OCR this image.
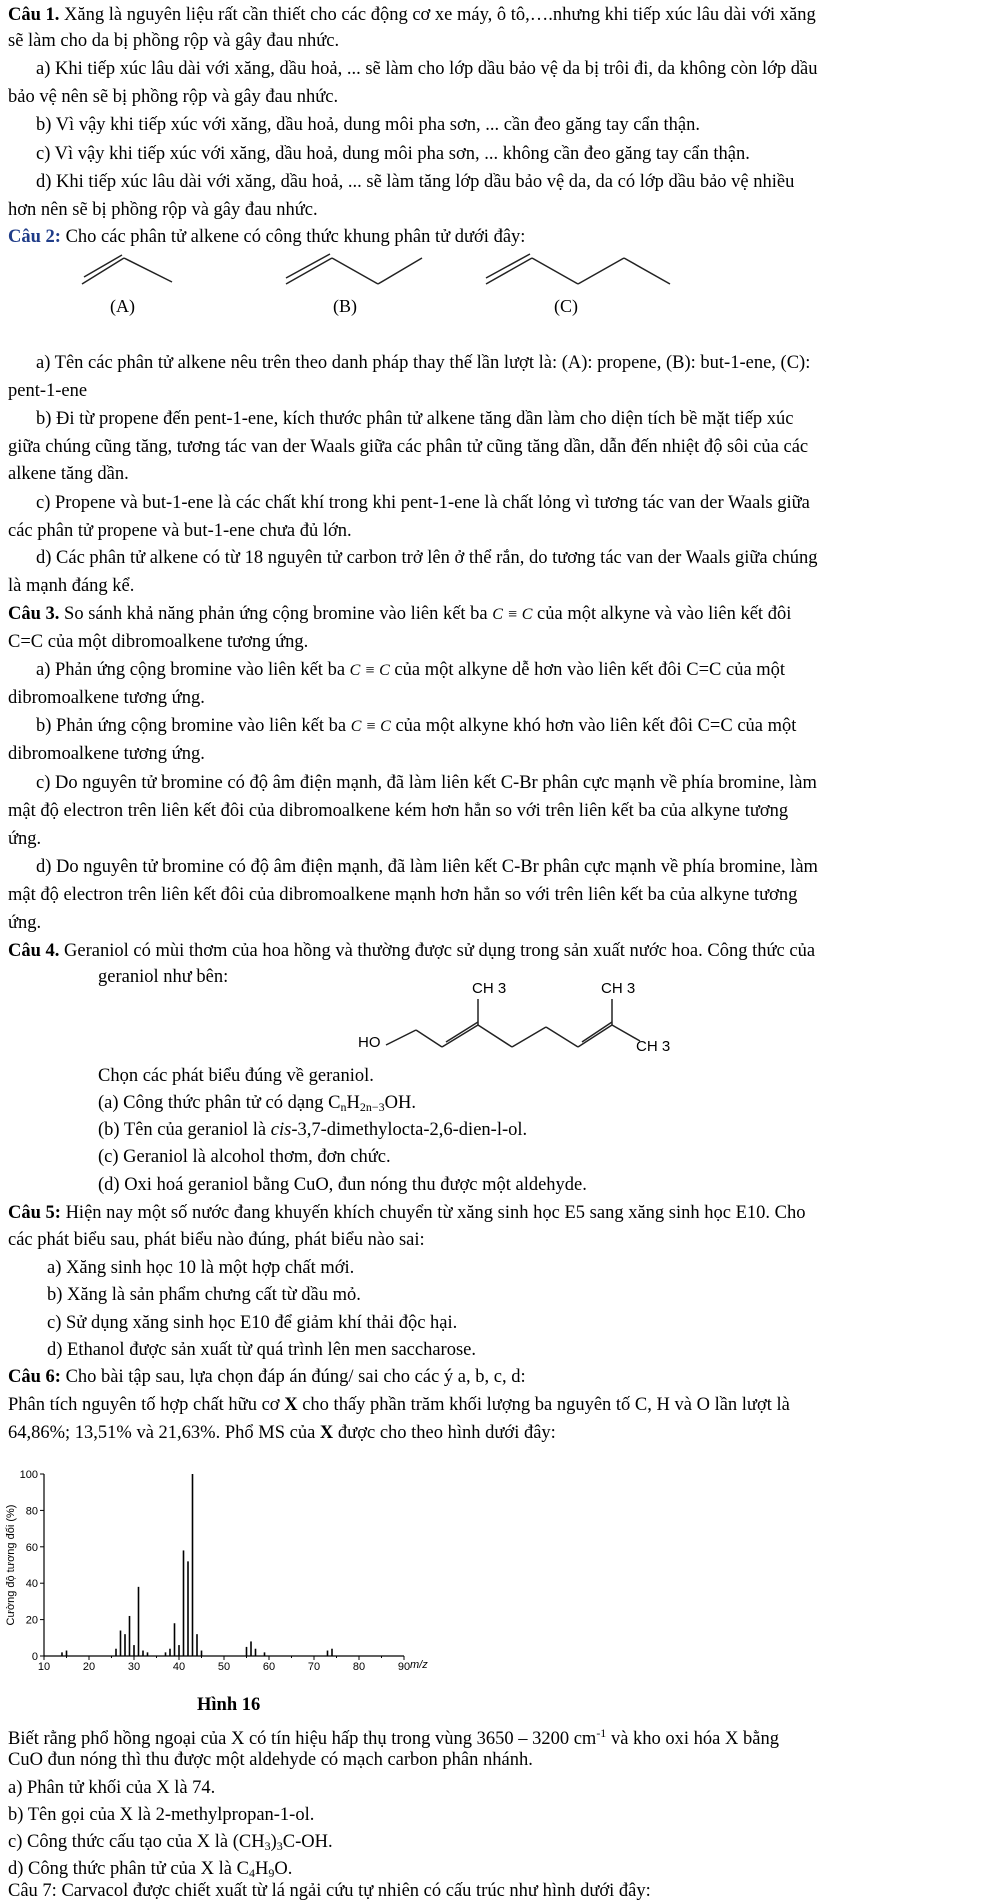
Câu 1. Xăng là nguyên liệu rất cần thiết cho các động cơ xe máy, ô tô,….nhưng khi tiếp xúc lâu dài với xăng
sẽ làm cho da bị phồng rộp và gây đau nhức.
a) Khi tiếp xúc lâu dài với xăng, dầu hoả, ... sẽ làm cho lớp dầu bảo vệ da bị trôi đi, da không còn lớp dầu
bảo vệ nên sẽ bị phồng rộp và gây đau nhức.
b) Vì vậy khi tiếp xúc với xăng, dầu hoả, dung môi pha sơn, ... cần đeo găng tay cẩn thận.
c) Vì vậy khi tiếp xúc với xăng, dầu hoả, dung môi pha sơn, ... không cần đeo găng tay cẩn thận.
d) Khi tiếp xúc lâu dài với xăng, dầu hoả, ... sẽ làm tăng lớp dầu bảo vệ da, da có lớp dầu bảo vệ nhiều
hơn nên sẽ bị phồng rộp và gây đau nhức.
Câu 2: Cho các phân tử alkene có công thức khung phân tử dưới đây:
(A)	(B)	(C)
a) Tên các phân tử alkene nêu trên theo danh pháp thay thế lần lượt là: (A): propene, (B): but-1-ene, (C):
pent-1-ene
b) Đi từ propene đến pent-1-ene, kích thước phân tử alkene tăng dần làm cho diện tích bề mặt tiếp xúc
giữa chúng cũng tăng, tương tác van der Waals giữa các phân tử cũng tăng dần, dẫn đến nhiệt độ sôi của các
alkene tăng dần.
c) Propene và but-1-ene là các chất khí trong khi pent-1-ene là chất lỏng vì tương tác van der Waals giữa
các phân tử propene và but-1-ene chưa đủ lớn.
d) Các phân tử alkene có từ 18 nguyên tử carbon trở lên ở thể rắn, do tương tác van der Waals giữa chúng
là mạnh đáng kể.
Câu 3. So sánh khả năng phản ứng cộng bromine vào liên kết ba C ≡ C của một alkyne và vào liên kết đôi
C=C của một dibromoalkene tương ứng.
a) Phản ứng cộng bromine vào liên kết ba C ≡ C của một alkyne dễ hơn vào liên kết đôi C=C của một
dibromoalkene tương ứng.
b) Phản ứng cộng bromine vào liên kết ba C ≡ C của một alkyne khó hơn vào liên kết đôi C=C của một
dibromoalkene tương ứng.
c) Do nguyên tử bromine có độ âm điện mạnh, đã làm liên kết C-Br phân cực mạnh về phía bromine, làm
mật độ electron trên liên kết đôi của dibromoalkene kém hơn hẳn so với trên liên kết ba của alkyne tương
ứng.
d) Do nguyên tử bromine có độ âm điện mạnh, đã làm liên kết C-Br phân cực mạnh về phía bromine, làm
mật độ electron trên liên kết đôi của dibromoalkene mạnh hơn hẳn so với trên liên kết ba của alkyne tương
ứng.
Câu 4. Geraniol có mùi thơm của hoa hồng và thường được sử dụng trong sản xuất nước hoa. Công thức của
geraniol như bên:
CH 3	CH 3
CH 3
HO
Chọn các phát biểu đúng về geraniol.
(a) Công thức phân tử có dạng $C_nH_{2n-3}OH$.
(b) Tên của geraniol là cis-3,7-dimethylocta-2,6-dien-l-ol.
(c) Geraniol là alcohol thơm, đơn chức.
(d) Oxi hoá geraniol bằng CuO, đun nóng thu được một aldehyde.
Câu 5: Hiện nay một số nước đang khuyến khích chuyển từ xăng sinh học E5 sang xăng sinh học E10. Cho
các phát biểu sau, phát biểu nào đúng, phát biểu nào sai:
a) Xăng sinh học 10 là một hợp chất mới.
b) Xăng là sản phẩm chưng cất từ dầu mỏ.
c) Sử dụng xăng sinh học E10 để giảm khí thải độc hại.
d) Ethanol được sản xuất từ quá trình lên men saccharose.
Câu 6: Cho bài tập sau, lựa chọn đáp án đúng/ sai cho các ý a, b, c, d:
Phân tích nguyên tố hợp chất hữu cơ X cho thấy phần trăm khối lượng ba nguyên tố C, H và O lần lượt là
64,86%; 13,51% và 21,63%. Phổ MS của X được cho theo hình dưới đây:
0
20
40
60
80
100
10	20	30	40	50	60	70	80	90 m/z
Cường độ tương đối (%)
Hình 16
Biết rằng phổ hồng ngoại của X có tín hiệu hấp thụ trong vùng 3650 – 3200 $cm^{-1}$ và kho oxi hóa X bằng
CuO đun nóng thì thu được một aldehyde có mạch carbon phân nhánh.
a) Phân tử khối của X là 74.
b) Tên gọi của X là 2-methylpropan-1-ol.
c) Công thức cấu tạo của X là $(CH_3)_3C-OH$.
d) Công thức phân tử của X là $C_4H_9O$.
Câu 7: Carvacol được chiết xuất từ lá ngải cứu tự nhiên có cấu trúc như hình dưới đây:
